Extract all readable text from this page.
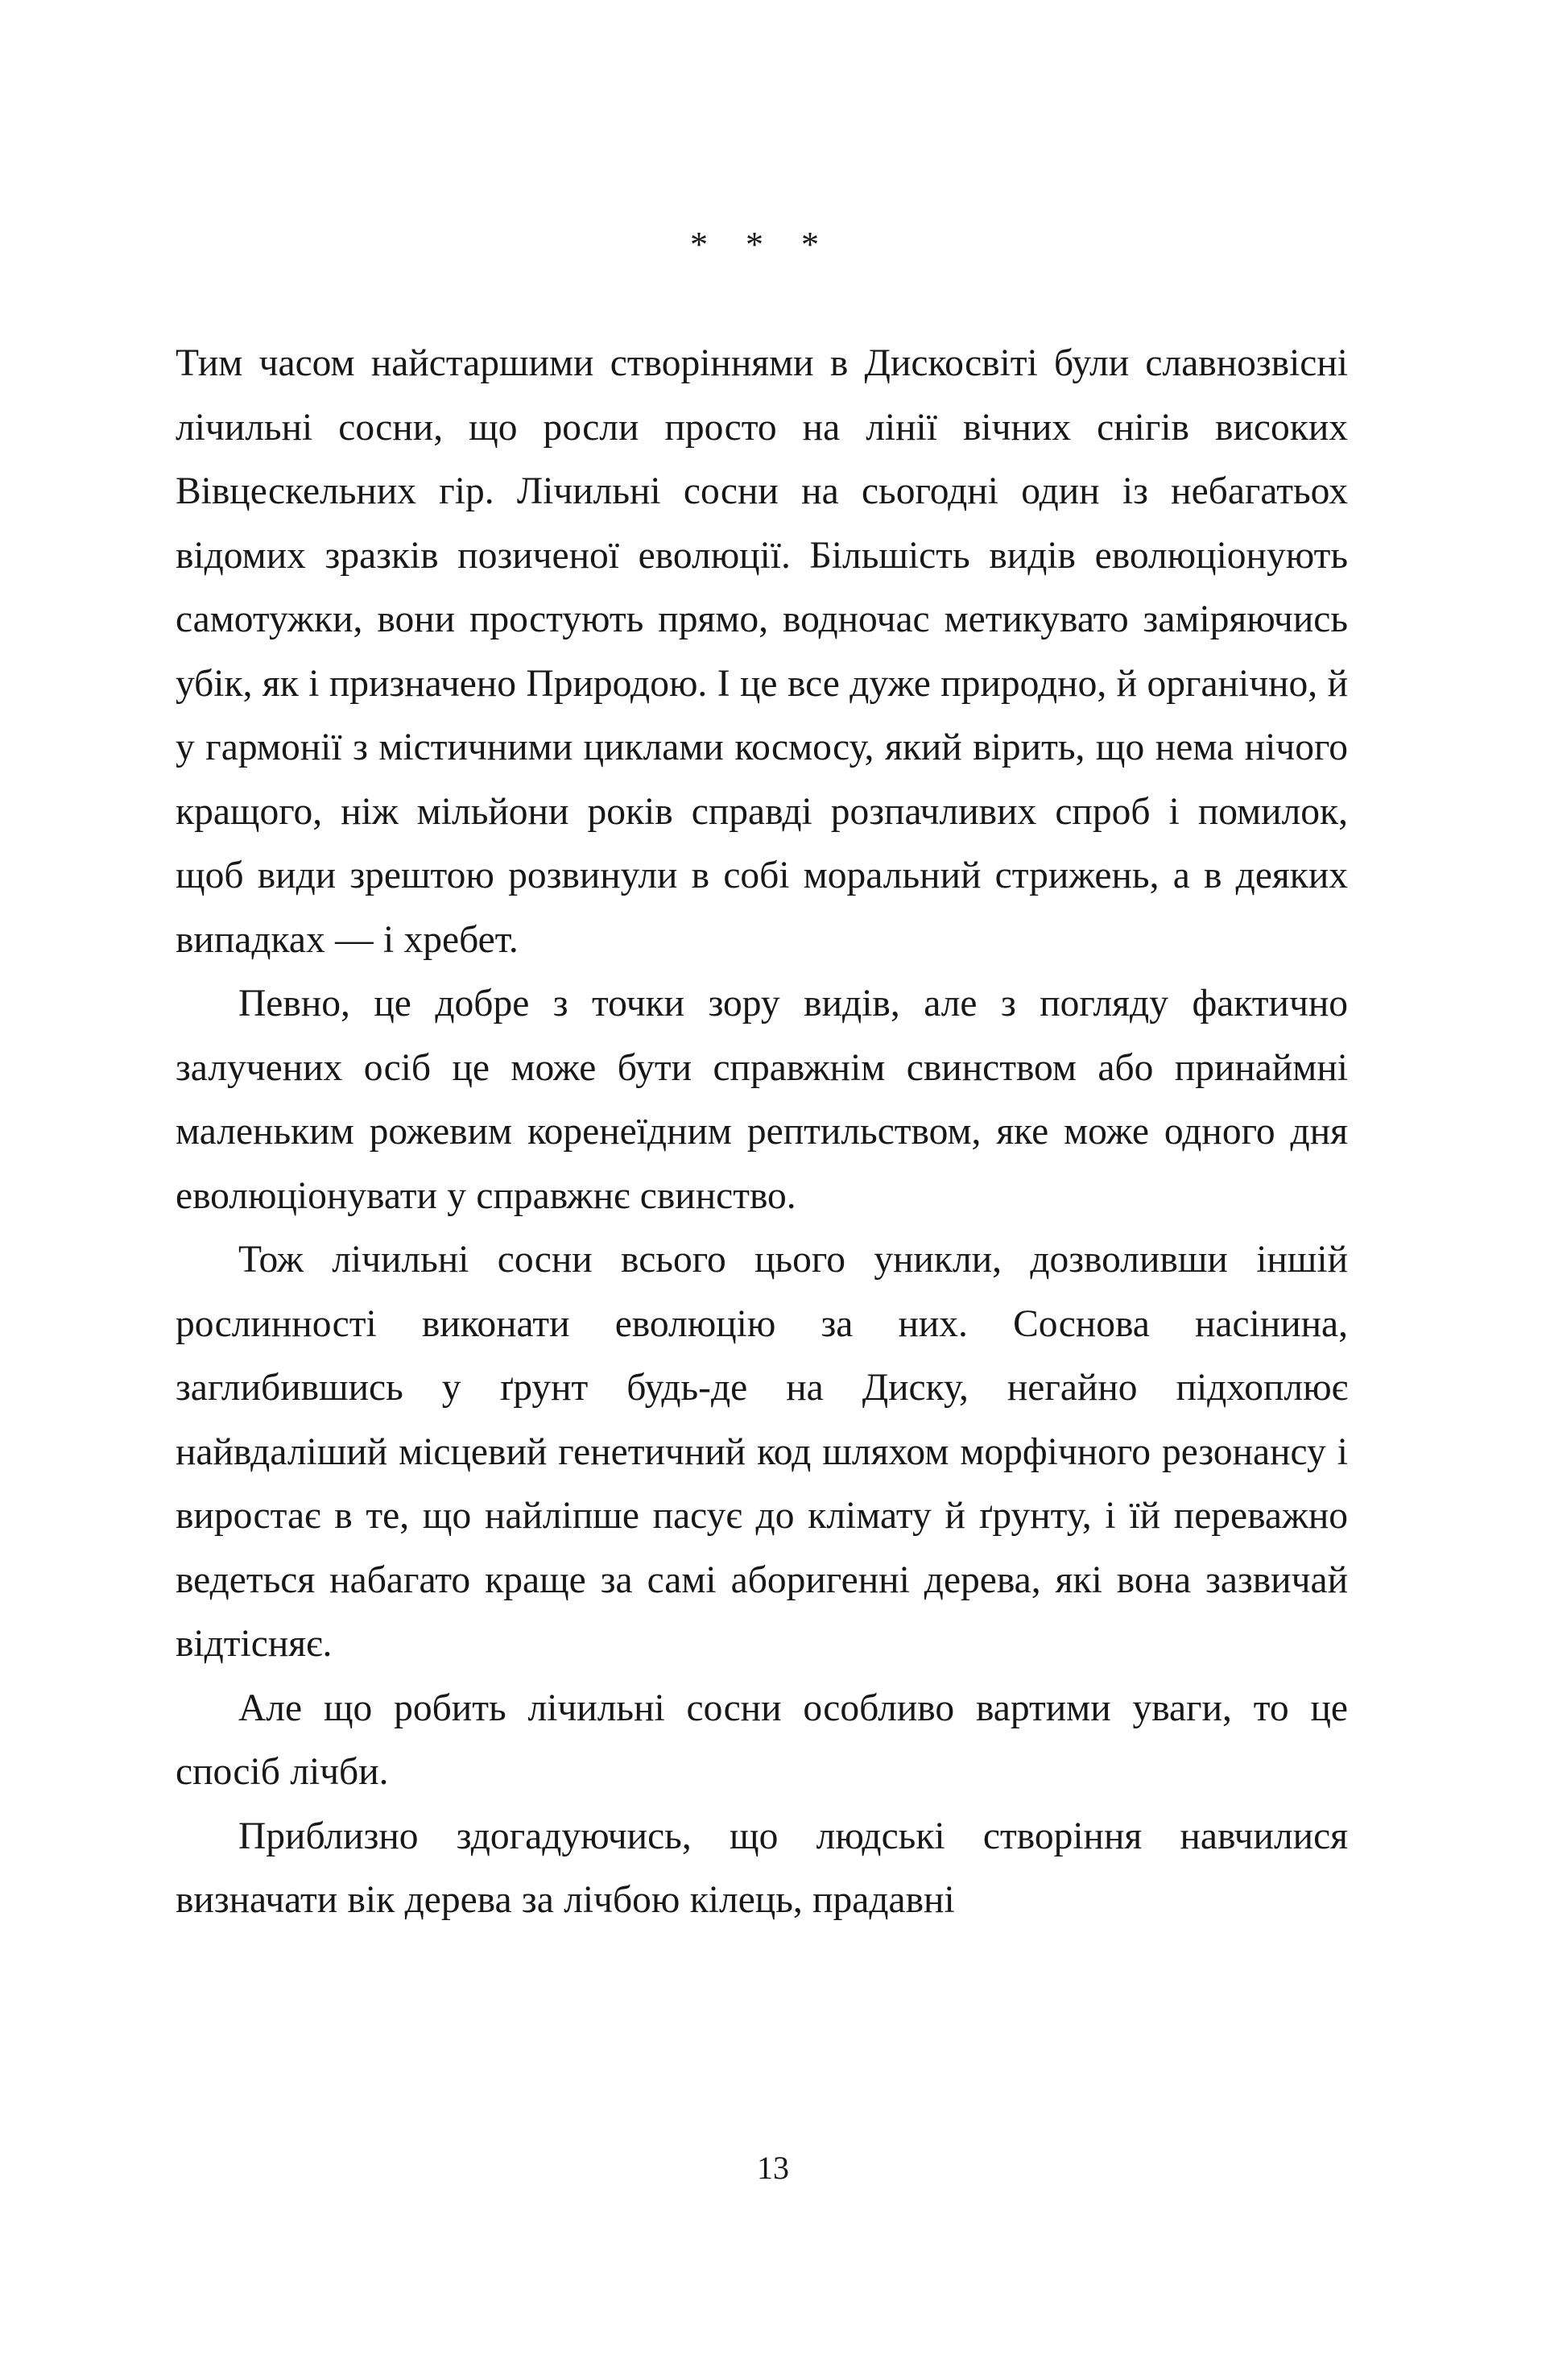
* * *

Тим часом найстаршими створіннями в Дискосвіті були славнозвісні лічильні сосни, що росли просто на лінії вічних снігів високих Вівцескельних гір. Лічильні сосни на сьогодні один із небагатьох відомих зразків позиченої еволюції. Більшість видів еволюціонують самотужки, вони простують прямо, водночас метикувато заміряючись убік, як і призначено Природою. І це все дуже природно, й органічно, й у гармонії з містичними циклами космосу, який вірить, що нема нічого кращого, ніж мільйони років справді розпачливих спроб і помилок, щоб види зрештою розвинули в собі моральний стрижень, а в деяких випадках — і хребет.

Певно, це добре з точки зору видів, але з погляду фактично залучених осіб це може бути справжнім свинством або принаймні маленьким рожевим коренеїдним рептильством, яке може одного дня еволюціонувати у справжнє свинство.

Тож лічильні сосни всього цього уникли, дозволивши іншій рослинності виконати еволюцію за них. Соснова насінина, заглибившись у ґрунт будь-де на Диску, негайно підхоплює найвдаліший місцевий генетичний код шляхом морфічного резонансу і виростає в те, що найліпше пасує до клімату й ґрунту, і їй переважно ведеться набагато краще за самі аборигенні дерева, які вона зазвичай відтісняє.

Але що робить лічильні сосни особливо вартими уваги, то це спосіб лічби.

Приблизно здогадуючись, що людські створіння навчилися визначати вік дерева за лічбою кілець, прадавні

13
